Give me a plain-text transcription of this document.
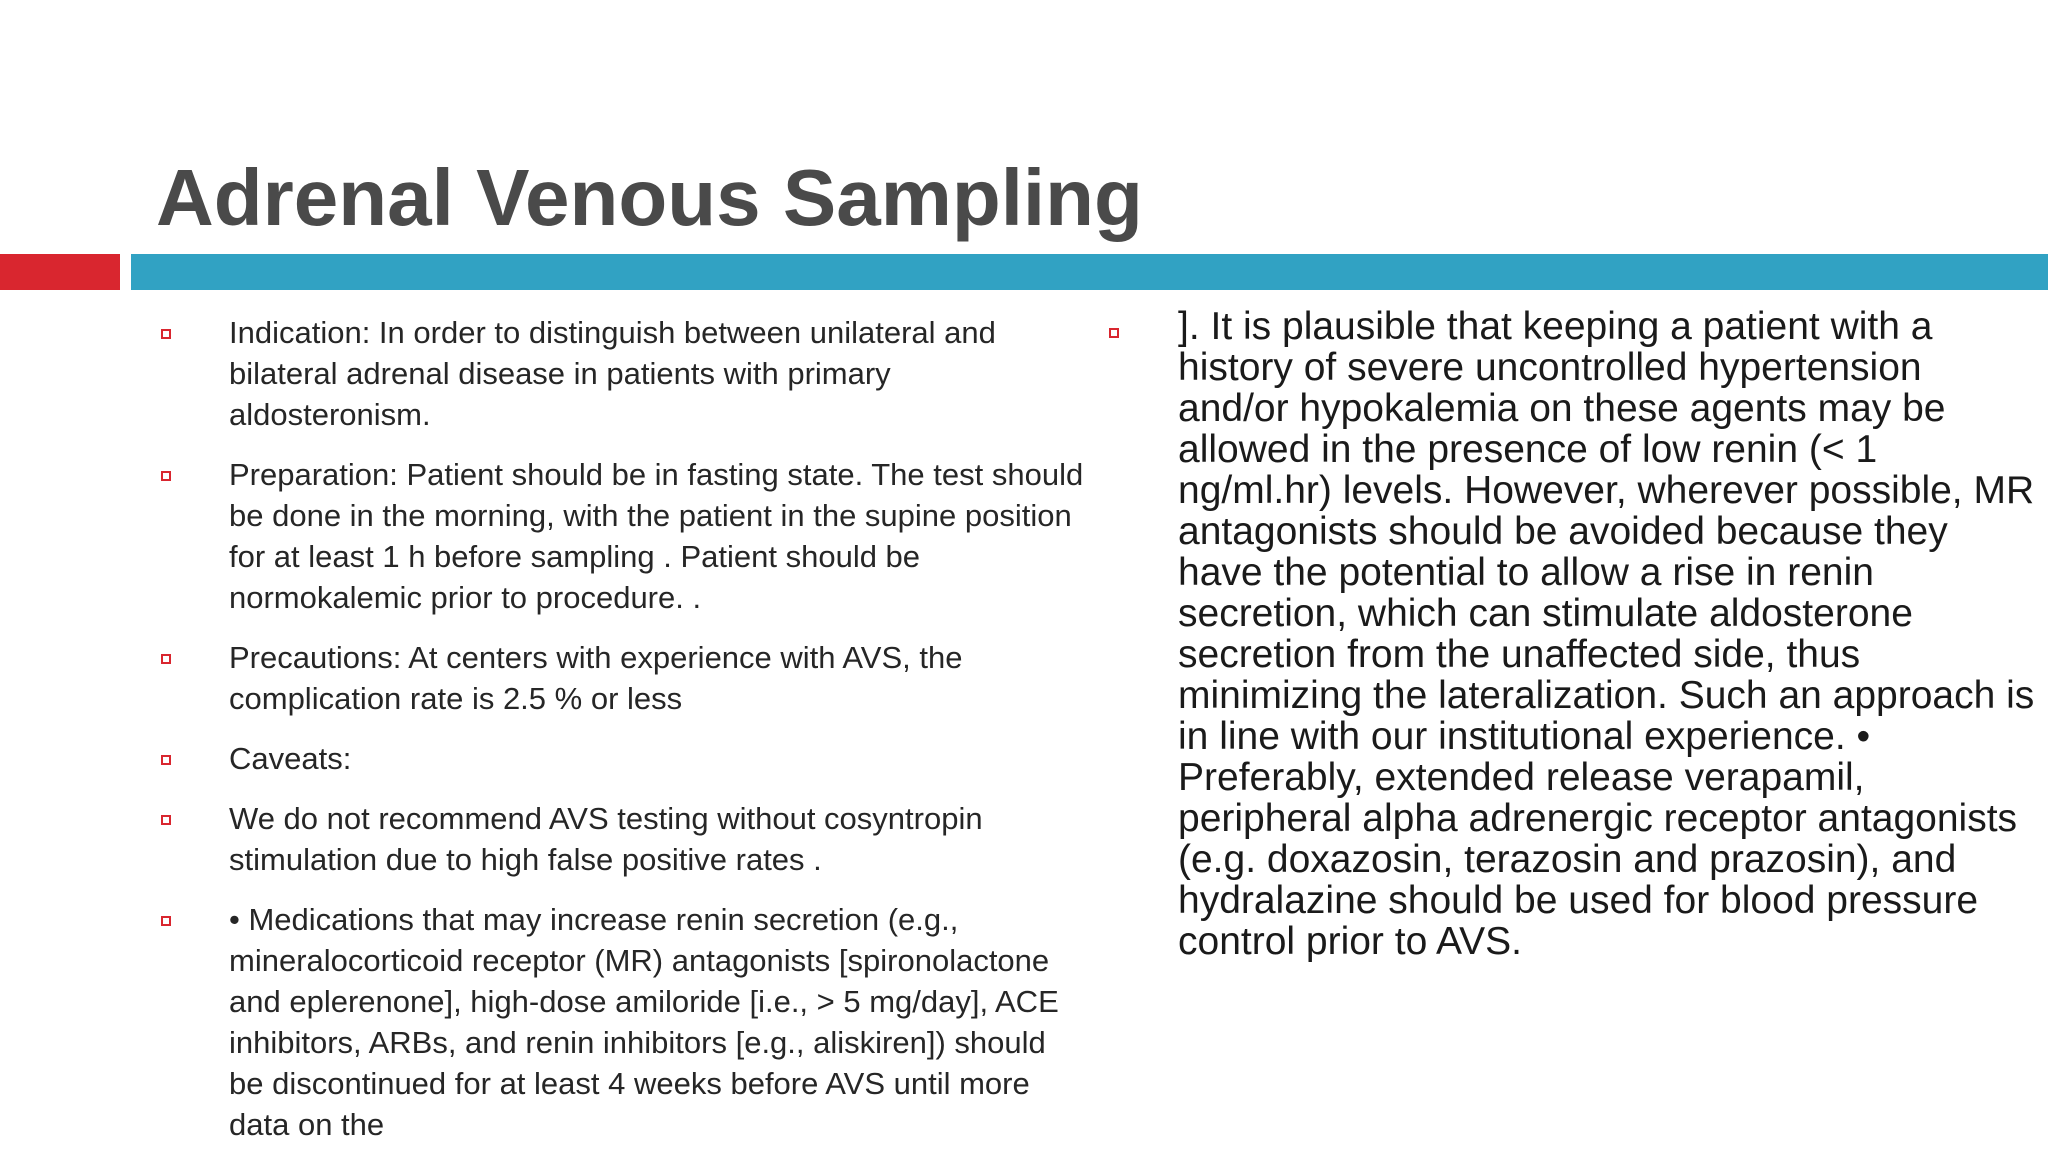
Adrenal Venous Sampling
Indication: In order to distinguish between unilateral and bilateral adrenal disease in patients with primary aldosteronism.
Preparation: Patient should be in fasting state. The test should be done in the morning, with the patient in the supine position for at least 1 h before sampling . Patient should be normokalemic prior to procedure. .
Precautions: At centers with experience with AVS, the complication rate is 2.5 % or less
Caveats:
We do not recommend AVS testing without cosyntropin stimulation due to high false positive rates .
• Medications that may increase renin secretion (e.g., mineralocorticoid receptor (MR) antagonists [spironolactone and eplerenone], high-dose amiloride [i.e., > 5 mg/day], ACE inhibitors, ARBs, and renin inhibitors [e.g., aliskiren]) should be discontinued for at least 4 weeks before AVS until more data on the
]. It is plausible that keeping a patient with a history of severe uncontrolled hypertension and/or hypokalemia on these agents may be allowed in the presence of low renin (< 1 ng/ml.hr) levels. However, wherever possible, MR antagonists should be avoided because they have the potential to allow a rise in renin secretion, which can stimulate aldosterone secretion from the unaffected side, thus minimizing the lateralization. Such an approach is in line with our institutional experience. • Preferably, extended release verapamil, peripheral alpha adrenergic receptor antagonists (e.g. doxazosin, terazosin and prazosin), and hydralazine should be used for blood pressure control prior to AVS.
